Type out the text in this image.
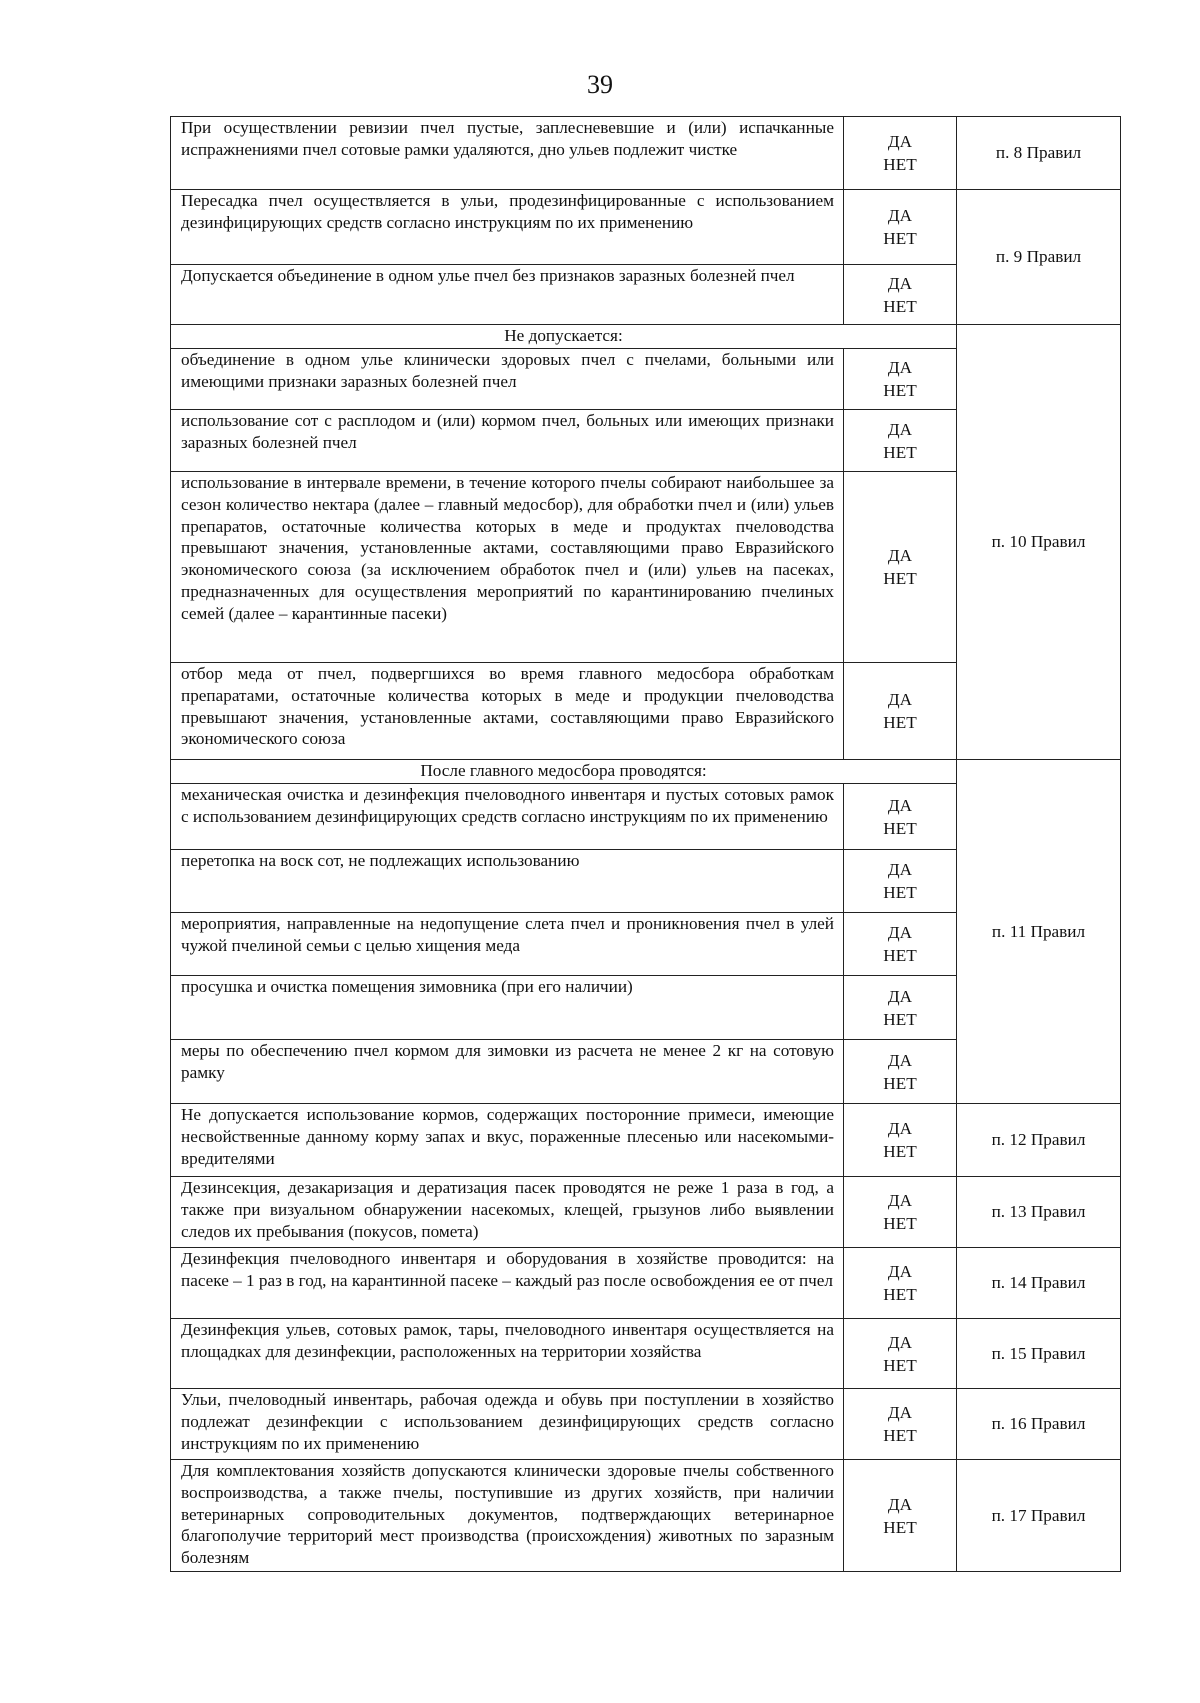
39
При осуществлении ревизии пчел пустые, заплесневевшие и (или) испачканные испражнениями пчел сотовые рамки удаляются, дно ульев подлежит чистке	ДА
НЕТ	п. 8 Правил
Пересадка пчел осуществляется в ульи, продезинфицированные с использованием дезинфицирующих средств согласно инструкциям по их применению	ДА
НЕТ	п. 9 Правил
Допускается объединение в одном улье пчел без признаков заразных болезней пчел	ДА
НЕТ	

Не допускается:		п. 10 Правил
объединение в одном улье клинически здоровых пчел с пчелами, больными или имеющими признаки заразных болезней пчел	ДА
НЕТ	

использование сот с расплодом и (или) кормом пчел, больных или имеющих признаки заразных болезней пчел	ДА
НЕТ	

использование в интервале времени, в течение которого пчелы собирают наибольшее за сезон количество нектара (далее – главный медосбор), для обработки пчел и (или) ульев препаратов, остаточные количества которых в меде и продуктах пчеловодства превышают значения, установленные актами, составляющими право Евразийского экономического союза (за исключением обработок пчел и (или) ульев на пасеках, предназначенных для осуществления мероприятий по карантинированию пчелиных семей (далее – карантинные пасеки)	ДА
НЕТ	

отбор меда от пчел, подвергшихся во время главного медосбора обработкам препаратами, остаточные количества которых в меде и продукции пчеловодства превышают значения, установленные актами, составляющими право Евразийского экономического союза	ДА
НЕТ	

После главного медосбора проводятся:		п. 11 Правил
механическая очистка и дезинфекция пчеловодного инвентаря и пустых сотовых рамок с использованием дезинфицирующих средств согласно инструкциям по их применению	ДА
НЕТ	

перетопка на воск сот, не подлежащих использованию	ДА
НЕТ	

мероприятия, направленные на недопущение слета пчел и проникновения пчел в улей чужой пчелиной семьи с целью хищения меда	ДА
НЕТ	

просушка и очистка помещения зимовника (при его наличии)	ДА
НЕТ	

меры по обеспечению пчел кормом для зимовки из расчета не менее 2 кг на сотовую рамку	ДА
НЕТ	

Не допускается использование кормов, содержащих посторонние примеси, имеющие несвойственные данному корму запах и вкус, пораженные плесенью или насекомыми-вредителями	ДА
НЕТ	п. 12 Правил
Дезинсекция, дезакаризация и дератизация пасек проводятся не реже 1 раза в год, а также при визуальном обнаружении насекомых, клещей, грызунов либо выявлении следов их пребывания (покусов, помета)	ДА
НЕТ	п. 13 Правил
Дезинфекция пчеловодного инвентаря и оборудования в хозяйстве проводится: на пасеке – 1 раз в год, на карантинной пасеке – каждый раз после освобождения ее от пчел	ДА
НЕТ	п. 14 Правил
Дезинфекция ульев, сотовых рамок, тары, пчеловодного инвентаря осуществляется на площадках для дезинфекции, расположенных на территории хозяйства	ДА
НЕТ	п. 15 Правил
Ульи, пчеловодный инвентарь, рабочая одежда и обувь при поступлении в хозяйство подлежат дезинфекции с использованием дезинфицирующих средств согласно инструкциям по их применению	ДА
НЕТ	п. 16 Правил
Для комплектования хозяйств допускаются клинически здоровые пчелы собственного воспроизводства, а также пчелы, поступившие из других хозяйств, при наличии ветеринарных сопроводительных документов, подтверждающих ветеринарное благополучие территорий мест производства (происхождения) животных по заразным болезням	ДА
НЕТ	п. 17 Правил
